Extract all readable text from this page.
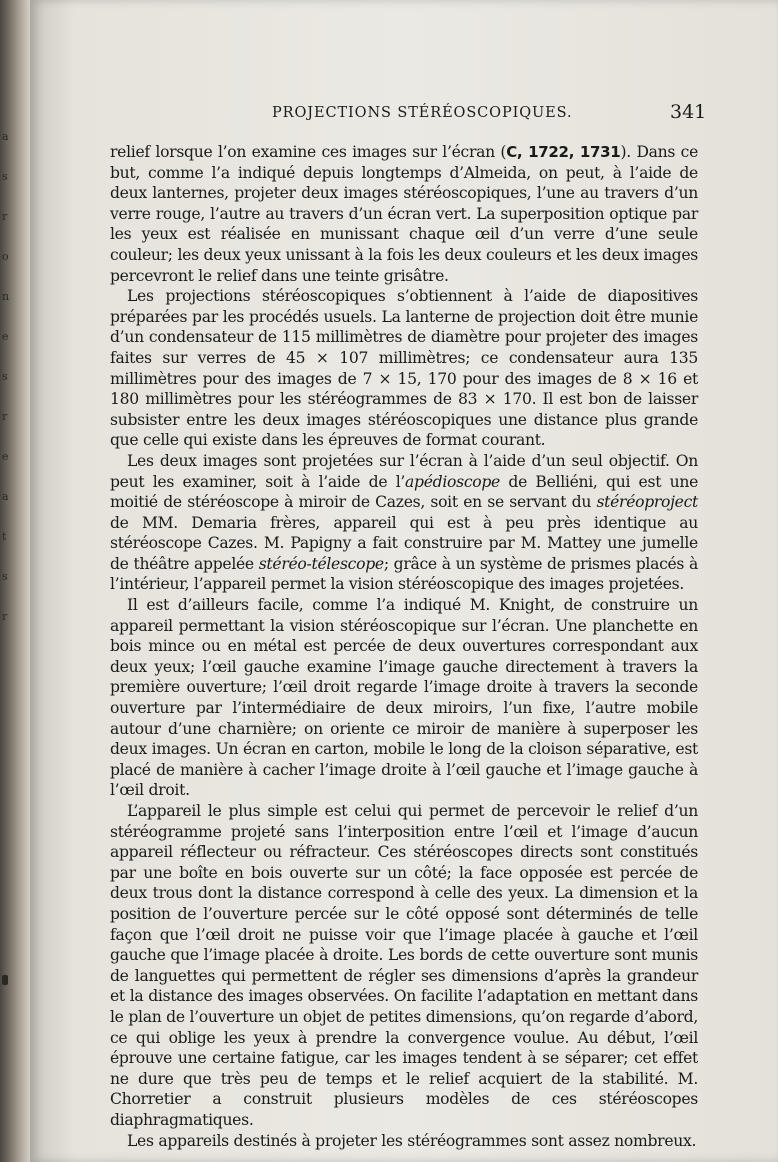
a
s
r
o
n
e
s
r
e
a
t
s
r
PROJECTIONS STÉRÉOSCOPIQUES.	341

relief lorsque l’on examine ces images sur l’écran (C, 1722, 1731). Dans ce but, comme l’a indiqué depuis longtemps d’Almeida, on peut, à l’aide de deux lanternes, projeter deux images stéréoscopiques, l’une au travers d’un verre rouge, l’autre au travers d’un écran vert. La superposition optique par les yeux est réalisée en munissant chaque œil d’un verre d’une seule couleur; les deux yeux unissant à la fois les deux couleurs et les deux images percevront le relief dans une teinte grisâtre.

Les projections stéréoscopiques s’obtiennent à l’aide de diapositives préparées par les procédés usuels. La lanterne de projection doit être munie d’un condensateur de 115 millimètres de diamètre pour projeter des images faites sur verres de 45 × 107 millimètres; ce condensateur aura 135 millimètres pour des images de 7 × 15, 170 pour des images de 8 × 16 et 180 millimètres pour les stéréogrammes de 83 × 170. Il est bon de laisser subsister entre les deux images stéréoscopiques une distance plus grande que celle qui existe dans les épreuves de format courant.

Les deux images sont projetées sur l’écran à l’aide d’un seul objectif. On peut les examiner, soit à l’aide de l’apédioscope de Belliéni, qui est une moitié de stéréoscope à miroir de Cazes, soit en se servant du stéréoproject de MM. Demaria frères, appareil qui est à peu près identique au stéréoscope Cazes. M. Papigny a fait construire par M. Mattey une jumelle de théâtre appelée stéréo-télescope; grâce à un système de prismes placés à l’intérieur, l’appareil permet la vision stéréoscopique des images projetées.

Il est d’ailleurs facile, comme l’a indiqué M. Knight, de construire un appareil permettant la vision stéréoscopique sur l’écran. Une planchette en bois mince ou en métal est percée de deux ouvertures correspondant aux deux yeux; l’œil gauche examine l’image gauche directement à travers la première ouverture; l’œil droit regarde l’image droite à travers la seconde ouverture par l’intermédiaire de deux miroirs, l’un fixe, l’autre mobile autour d’une charnière; on oriente ce miroir de manière à superposer les deux images. Un écran en carton, mobile le long de la cloison séparative, est placé de manière à cacher l’image droite à l’œil gauche et l’image gauche à l’œil droit.

L’appareil le plus simple est celui qui permet de percevoir le relief d’un stéréogramme projeté sans l’interposition entre l’œil et l’image d’aucun appareil réflecteur ou réfracteur. Ces stéréoscopes directs sont constitués par une boîte en bois ouverte sur un côté; la face opposée est percée de deux trous dont la distance correspond à celle des yeux. La dimension et la position de l’ouverture percée sur le côté opposé sont déterminés de telle façon que l’œil droit ne puisse voir que l’image placée à gauche et l’œil gauche que l’image placée à droite. Les bords de cette ouverture sont munis de languettes qui permettent de régler ses dimensions d’après la grandeur et la distance des images observées. On facilite l’adaptation en mettant dans le plan de l’ouverture un objet de petites dimensions, qu’on regarde d’abord, ce qui oblige les yeux à prendre la convergence voulue. Au début, l’œil éprouve une certaine fatigue, car les images tendent à se séparer; cet effet ne dure que très peu de temps et le relief acquiert de la stabilité. M. Chorretier a construit plusieurs modèles de ces stéréoscopes diaphragmatiques.

Les appareils destinés à projeter les stéréogrammes sont assez nombreux.
